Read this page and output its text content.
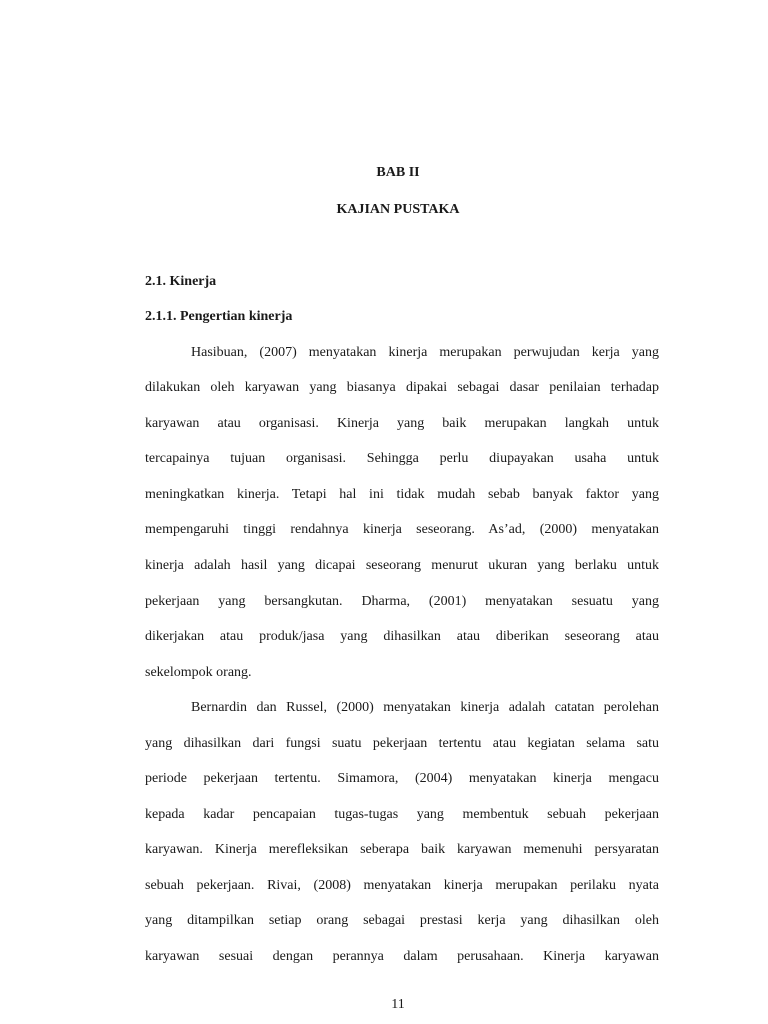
BAB II
KAJIAN PUSTAKA
2.1. Kinerja
2.1.1. Pengertian kinerja
Hasibuan, (2007) menyatakan kinerja merupakan perwujudan kerja yang
dilakukan oleh karyawan yang biasanya dipakai sebagai dasar penilaian terhadap
karyawan atau organisasi. Kinerja yang baik merupakan langkah untuk
tercapainya tujuan organisasi. Sehingga perlu diupayakan usaha untuk
meningkatkan kinerja. Tetapi hal ini tidak mudah sebab banyak faktor yang
mempengaruhi tinggi rendahnya kinerja seseorang. As’ad, (2000) menyatakan
kinerja adalah hasil yang dicapai seseorang menurut ukuran yang berlaku untuk
pekerjaan yang bersangkutan. Dharma, (2001) menyatakan sesuatu yang
dikerjakan atau produk/jasa yang dihasilkan atau diberikan seseorang atau
sekelompok orang.
Bernardin dan Russel, (2000) menyatakan kinerja adalah catatan perolehan
yang dihasilkan dari fungsi suatu pekerjaan tertentu atau kegiatan selama satu
periode pekerjaan tertentu. Simamora, (2004) menyatakan kinerja mengacu
kepada kadar pencapaian tugas-tugas yang membentuk sebuah pekerjaan
karyawan. Kinerja merefleksikan seberapa baik karyawan memenuhi persyaratan
sebuah pekerjaan. Rivai, (2008) menyatakan kinerja merupakan perilaku nyata
yang ditampilkan setiap orang sebagai prestasi kerja yang dihasilkan oleh
karyawan sesuai dengan perannya dalam perusahaan. Kinerja karyawan
11
